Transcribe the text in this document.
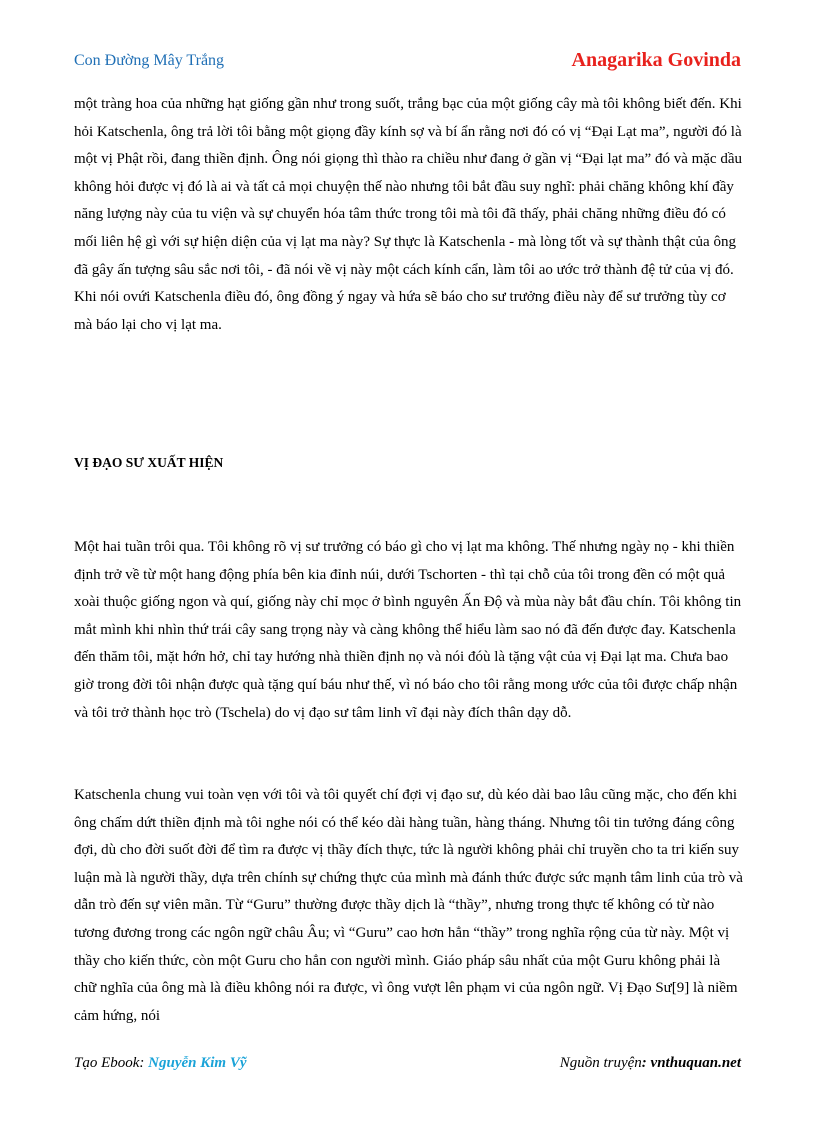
Con Đường Mây Trắng	Anagarika Govinda

một tràng hoa của những hạt giống gần như trong suốt, trắng bạc của một giống cây mà tôi không biết đến. Khi hỏi Katschenla, ông trả lời tôi bằng một giọng đầy kính sợ và bí ẩn rằng nơi đó có vị “Đại Lạt ma”, người đó là một vị Phật rồi, đang thiền định. Ông nói giọng thì thào ra chiều như đang ở gần vị “Đại lạt ma” đó và mặc dầu không hỏi được vị đó là ai và tất cả mọi chuyện thế nào nhưng tôi bắt đầu suy nghĩ: phải chăng không khí đầy năng lượng này của tu viện và sự chuyển hóa tâm thức trong tôi mà tôi đã thấy, phải chăng những điều đó có mối liên hệ gì với sự hiện diện của vị lạt ma này? Sự thực là Katschenla - mà lòng tốt và sự thành thật của ông đã gây ấn tượng sâu sắc nơi tôi, - đã nói về vị này một cách kính cẩn, làm tôi ao ước trở thành đệ tử của vị đó. Khi nói ovứi Katschenla điều đó, ông đồng ý ngay và hứa sẽ báo cho sư trưởng điều này để sư trưởng tùy cơ mà báo lại cho vị lạt ma.

VỊ ĐẠO SƯ XUẤT HIỆN

Một hai tuần trôi qua. Tôi không rõ vị sư trưởng có báo gì cho vị lạt ma không. Thế nhưng ngày nọ - khi thiền định trở về từ một hang động phía bên kia đỉnh núi, dưới Tschorten - thì tại chỗ của tôi trong đền có một quả xoài thuộc giống ngon và quí, giống này chỉ mọc ở bình nguyên Ấn Độ và mùa này bắt đầu chín. Tôi không tin mắt mình khi nhìn thứ trái cây sang trọng này và càng không thể hiểu làm sao nó đã đến được đay. Katschenla đến thăm tôi, mặt hớn hở, chỉ tay hướng nhà thiền định nọ và nói đóù là tặng vật của vị Đại lạt ma. Chưa bao giờ trong đời tôi nhận được quà tặng quí báu như thế, vì nó báo cho tôi rằng mong ước của tôi được chấp nhận và tôi trở thành học trò (Tschela) do vị đạo sư tâm linh vĩ đại này đích thân dạy dỗ.

Katschenla chung vui toàn vẹn với tôi và tôi quyết chí đợi vị đạo sư, dù kéo dài bao lâu cũng mặc, cho đến khi ông chấm dứt thiền định mà tôi nghe nói có thể kéo dài hàng tuần, hàng tháng. Nhưng tôi tin tưởng đáng công đợi, dù cho đời suốt đời để tìm ra được vị thầy đích thực, tức là người không phải chỉ truyền cho ta tri kiến suy luận mà là người thầy, dựa trên chính sự chứng thực của mình mà đánh thức được sức mạnh tâm linh của trò và dẫn trò đến sự viên mãn. Từ “Guru” thường được thầy dịch là “thầy”, nhưng trong thực tế không có từ nào tương đương trong các ngôn ngữ châu Âu; vì “Guru” cao hơn hẳn “thầy” trong nghĩa rộng của từ này. Một vị thầy cho kiến thức, còn một Guru cho hẳn con người mình. Giáo pháp sâu nhất của một Guru không phải là chữ nghĩa của ông mà là điều không nói ra được, vì ông vượt lên phạm vi của ngôn ngữ. Vị Đạo Sư[9] là niềm cảm hứng, nói

Tạo Ebook: Nguyễn Kim Vỹ	Nguồn truyện: vnthuquan.net
